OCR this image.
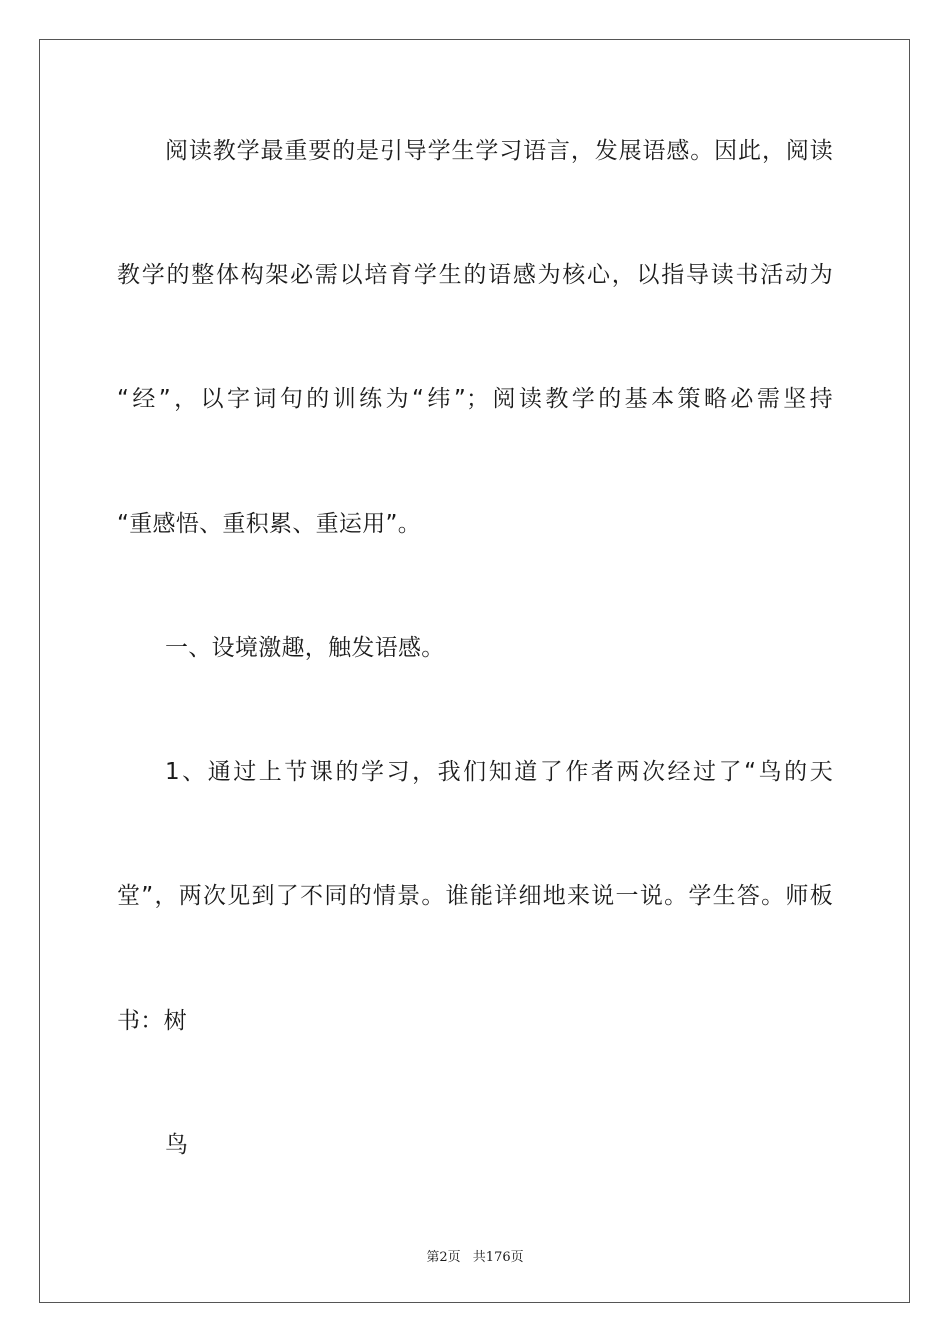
阅读教学最重要的是引导学生学习语言，发展语感。因此，阅读
教学的整体构架必需以培育学生的语感为核心，以指导读书活动为
“经”，以字词句的训练为“纬”；阅读教学的基本策略必需坚持
“重感悟、重积累、重运用”。
一、设境激趣，触发语感。
1、通过上节课的学习，我们知道了作者两次经过了“鸟的天
堂”，两次见到了不同的情景。谁能详细地来说一说。学生答。师板
书：树
鸟
第2页 共176页
